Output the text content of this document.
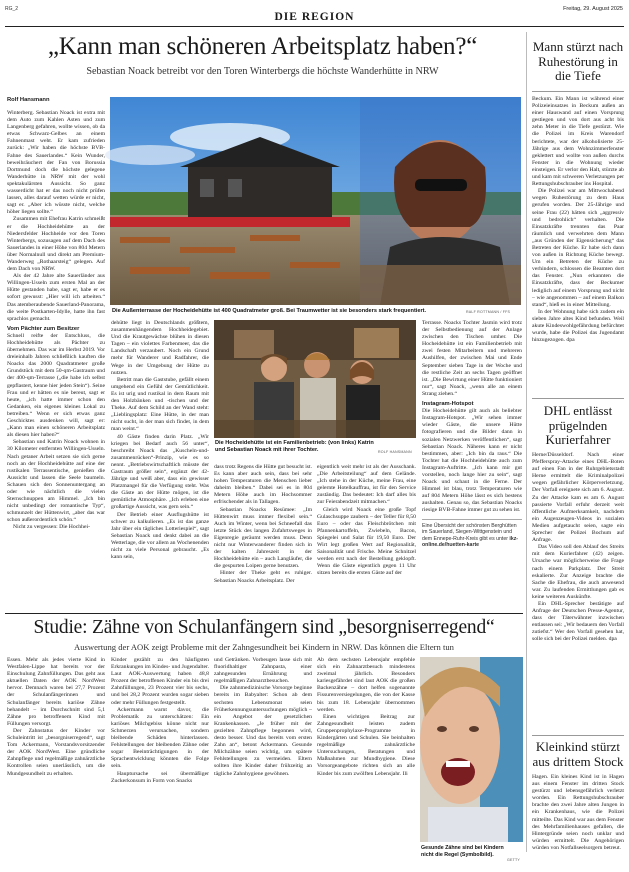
RG_2
DIE REGION
Freitag, 29. August 2025
„Kann man schöneren Arbeitsplatz haben?“
Sebastian Noack betreibt vor den Toren Winterbergs die höchste Wanderhütte in NRW
Rolf Hansmann

Winterberg. Sebastian Noack ist extra mit dem Auto zum Kahlen Asten und zum Langenberg gefahren, wollte wissen, ob da etwas Schwarz-Gelbes an einem Fahnenmast weht. Er kam zufrieden zurück: „Wir haben die höchste BVB-Fahne des Sauerlandes.“ Kein Wunder, beweihräuchert der Fan von Borussia Dortmund doch die höchste gelegene Wanderhütte in NRW mit der wohl spektakulärsten Aussicht. So ganz wasserdicht hat er das noch nicht prüfen lassen, alles darauf wetten würde er nicht, sagt er. „Aber ich wüsste nicht, welche höher liegen sollte.“

Zusammen mit Ehefrau Katrin schmeißt er die Hochheidehütte an der Niedersfelder Hochheide vor den Toren Winterbergs, sozusagen auf dem Dach des Sauerlandes in einer Höhe von 804 Metern über Normalnull und direkt am Premium-Wanderweg „Rothaarsteig“ gelegen. Auf dem Dach von NRW.

Als der 42 Jahre alte Sauerländer aus Willingen-Usseln zum ersten Mal an der Hütte gestanden habe, sagt er, habe er es sofort gewusst: „Hier will ich arbeiten.“ Das atemberaubende Sauerland-Panorama, die weite Postkarten-Idylle, hatte ihn fast sprachlos gemacht.

Vom Pächter zum Besitzer

Schnell reifte der Entschluss, die Hochheidehütte als Pächter zu übernehmen. Das war im Herbst 2019. Vor dreieinhalb Jahren schließlich kauften die Noacks das 2000 Quadratmeter große Grundstück mit dem 50-qm-Gastraum und der 400-qm-Terrasse („die habe ich selbst gepflastert, kenne hier jeden Stein“). Seine Frau und er hätten es nie bereut, sagt er heute, „ich hatte immer schon den Gedanken, ein eigenes kleines Lokal zu betreiben.“ Wenn er sich etwas ganz Geschicktes ausdenken will, sagt er: „Kann man einen schöneren Arbeitsplatz als diesen hier haben?“

Sebastian und Katrin Noack wohnen in 30 Kilometer entfernten Willingen-Usseln. Nach getaner Arbeit setzen sie sich gerne noch an der Hochheidehütte auf eine der rustikalen Terrassentische, genießen die Aussicht und lassen die Seele baumeln. Schauen sich den Sonnenuntergang an oder wie nächtlich die vielen Sternschnuppen am Himmel. „Ich bin nicht unbedingt der romantische Typ“, schmunzelt der Hüttenwirt, „aber das war schon außerordentlich schön.“

Nicht zu vergessen: Die Hochhei-

Die Außenterrasse der Hocheidehütte ist 400 Quadratmeter groß. Bei Traumwetter ist sie besonders stark frequentiert.	RALF ROTTMANN / FFS

dehütte liegt in Deutschlands größtem, zusammenhängendem Hochheidegebiet. Und die Krautgewächse blühen in diesen Tagen – ein violettes Farbenmeer, das die Landschaft verzaubert. Noch ein Grund mehr für Wanderer und Radfahrer, die Wege in der Umgebung der Hütte zu nutzen.

Betritt man die Gaststube, gefällt einem umgehend ein Gefühl der Gemütlichkeit. Es ist urig und rustikal in dem Raum mit den Holzbänken und -tischen und der Theke. Auf dem Schild an der Wand steht: „Lieblingsplatz: Eine Hütte, in der man nicht sucht, in der man sich findet, in dem man weint.“

40 Gäste finden darin Platz. „Wir kriegen bei Bedarf auch 56 unter“, beschreibt Noack das „Kuscheln-und-zusammenrücken“-Prinzip, wie es so nennt. „Betriebswirtschaftlich müsste der Gastraum größer sein“, ergänzt der 42-Jährige und weiß aber, dass ein gewisser Platzmangel für die Verfügung steht. Was die Gäste an der Hütte mögen, ist die gemütliche Atmosphäre. „Ich erleben eine großartige Aussicht, was gern sein.“

Der Betrieb einer Ausflugshütte ist schwer zu kalkulieren. „Es ist das ganze Jahr über ein tägliches Lotteriespiel“, sagt Sebastian Noack und denkt dabei an die Wetterlage, die vor allem an Wochenenden nicht zu viele Personal gebraucht. „Es kann sein,

Die Hocheidehütte ist ein Familienbetrieb: (von links) Katrin und Sebastian Noack mit ihrer Tochter.	ROLF HANSMANN

dass trotz Regens die Hütte gut besucht ist. Es kann aber auch sein, dass bei sehr hohen Temperaturen die Menschen lieber daheim bleiben.“ Dabei sei es in 804 Metern Höhe auch im Hochsommer erfrischender als in Tallagen.

Sebastian Noacks Resümee: „Im Hüttenwirt muss immer flexibel sein.“ Auch im Winter, wenn bei Schneefall das letzte Stück des langen Zufahrtsweges in Eigenregie geräumt werden muss. Denn nicht nur Winterwanderer finden sich in der kalten Jahreszeit in der Hochheidehütte ein – auch Langläufer, die die gespurten Loipen gerne benutzen.

Hinter der Theke geht es ruhiger. Sebastian Noacks Arbeitsplatz. Der

eigentlich weit mehr ist als der Ausschank. „Die Arbeitsteilung“ auf dem Gelände. „Ich stehe in der Küche, meine Frau, eine gelernte Hotelkauffrau, ist für den Service zuständig. Das bedeutet: Ich darf alles bis zur Feierabendzeit mitmachen.“

Gleich wird Noack eine große Topf Gulaschsuppe zaubern – der Teller für 8,50 Euro – oder das Fleischbrötchen mit Pfannenkartoffeln, Zwiebeln, Bacon, Spiegelei und Salat für 19,50 Euro. Der Wirt legt großen Wert auf Regionalität, Saisonalität und Frische. Meine Schnitzel werden erst nach der Bestellung geklopft. Wenn die Gäste eigentlich gegen 11 Uhr sitzen bereits die ersten Gäste auf der

Terrasse. Noacks Tochter Jasmin wird trotz der Selbstbedienung auf der Anlage zwischen den Tischen umher. Die Hocheidehütte ist ein Familienbetrieb mit zwei festen Mitarbeitern und mehreren Aushilfen, der zwischen Mai und Ende September sieben Tage in der Woche und die restliche Zeit an sechs Tagen geöffnet ist. „Die Bewirtung einer Hütte funktioniert nur“, sagt Noack, „wenn alle an einem Strang ziehen.“

Instagram-Hotspot

Die Hocheidehütte gilt auch als beliebter Instagram-Hotspot. „Wir sehen immer wieder Gäste, die unsere Hütte fotografieren und die Bilder dann in sozialen Netzwerken veröffentlichen“, sagt Sebastian Noack. Näheres kann er nicht bestimmen, aber: „Ich bin da raus.“ Die Tochter hat die Hochheidehütte auch zum Instagram-Auftritte. „Ich kann mir gut vorstellen, noch lange hier zu sein“, sagt Noack und schaut in die Ferne. Der Himmel ist blau, trotz Temperaturen wie auf 804 Metern Höhe lässt es sich bestens aushalten. Genau so, das Sebastian Noacks riesige BVB-Fahne immer gut zu sehen ist.

Eine Übersicht der schönsten Berghütten im Sauerland, Siegen-Wittgenstein und dem Ennepe-Ruhr-Kreis gibt es unter ikz-online.de/huetten-karte
Mann stürzt nach Ruhestörung in die Tiefe

Beckum. Ein Mann ist während einer Polizeieinsatzes in Beckum außen an einer Hauswand auf einen Vorsprung gestiegen und von dort aus acht bis zehn Meter in die Tiefe gestürzt. Wie die Polizei im Kreis Warendorf berichtete, war der alkoholisierte 25-Jährige aus dem Wohnzimmerfenster geklettert und wollte von außen durchs Fenster in die Wohnung wieder einsteigen. Er verlor den Halt, stürzte ab und kam mit schweren Verletzungen per Rettungshubschrauber ins Hospital.

Die Polizei war am Mittwochabend wegen Ruhestörung zu dem Haus gerufen worden. Der 25-Jährige und seine Frau (22) hätten sich „aggressiv und bedrohlich“ verhalten. Die Einsatzkräfte trennten das Paar räumlich und verwehrten dem Mann „aus Gründen der Eigensicherung“ das Betreten der Küche. Er habe sich dann von außen in Richtung Küche bewegt. Um ein Betreten der Küche zu verhindern, schlossen die Beamten dort das Fenster. „Nun erkannten die Einsatzkräfte, dass der Beckumer lediglich auf einem Vorsprung und nicht – wie angenommen – auf einem Balkon stand“, hieß es in einer Mitteilung.

In der Wohnung habe sich zudem ein sieben Jahre altes Kind befunden. Weil akute Kindeswohlgefährdung befürchtet wurde, habe die Polizei das Jugendamt hinzugezogen. dpa

DHL entlässt prügelnden Kurierfahrer

Herne/Düsseldorf. Nach einer Pfefferspray-Attacke eines DHL-Boten auf einen Fan in der Ruhrgebietsstadt Herne ermittelt die Kriminalpolizei wegen gefährlicher Körperverletzung. Der Vorfall ereignete sich am 6. August. Zu der Attacke kam es am 6. August passierte Vorfall erfuhr derzeit weit öffentliche Aufmerksamkeit, nachdem ein Augenzeugen-Videos in sozialen Medien aufgetaucht seien, sagte ein Sprecher der Polizei Bochum auf Anfrage.

Das Video soll den Ablauf des Streits mit dem Kurierfahrer (42) zeigen. Ursache war möglicherweise die Frage nach einem Parkplatz. Der Streit eskalierte. Zur Anzeige brachte die Sache die Ehefrau, die auch anwesend war. Zu laufenden Ermittlungen gab es keine weiteren Auskünfte.

Ein DHL-Sprecher bestätigte auf Anfrage der Deutschen Presse-Agentur, dass der Täterwähnter inzwischen entlassen sei: „Wir bedauern den Vorfall zutiefst.“ Wer den Vorfall gesehen hat, solle sich bei der Polizei melden. dpa

Studie: Zähne von Schulanfängern sind „besorgniserregend“
Auswertung der AOK zeigt Probleme mit der Zahngesundheit bei Kindern in NRW. Das können die Eltern tun

Essen. Mehr als jedes vierte Kind in Westfalen-Lippe hat bereits vor der Einschulung Zahnfüllungen. Das geht aus aktuellen Daten der AOK NordWest hervor. Demnach waren bei 27,7 Prozent der Schulanfängerinnen und Schulanfänger bereits kariöse Zähne behandelt – im Durchschnitt sind 5,1 Zähne pro betroffenem Kind mit Füllungen versorgt.

Der Zahnstatus der Kinder vor Schuleintritt ist „besorgniserregend“, sagt Tom Ackermann, Vorstandsvorsitzender der AOK NordWest. Eine gründliche Zahnpflege und regelmäßige zahnärztliche Kontrollen seien unerlässlich, um die Mundgesundheit zu erhalten.

Kinder gezählt zu den häufigsten Erkrankungen im Kindes- und Jugendalter. Laut AOK-Auswertung haben 48,8 Prozent der betroffenen Kinder ein bis drei Zahnfüllungen, 23 Prozent vier bis sechs, und bei 28,2 Prozent wurden sogar sieben oder mehr Füllungen festgestellt.

Ackermann warnt davor, die Problematik zu unterschätzen: Ein kariöses Milchgebiss könne nicht nur Schmerzen verursachen, sondern bleibende Schäden hinterlassen. Fehlstellungen der bleibenden Zähne oder sogar Beeinträchtigungen in der Sprachentwicklung könnten die Folge sein.

Hauptursache sei übermäßiger Zuckerkonsum in Form von Snacks

und Getränken. Vorbeugen lasse sich mit fluoridhaltiger Zahnpasta, einer zahngesunden Ernährung und regelmäßigen Zahnarztbesuchen.

Die zahnmedizinische Vorsorge beginne bereits im Babyalter: Schon ab dem sechsten Lebensmonat seien Früherkennungsuntersuchungen möglich – ein Angebot der gesetzlichen Krankenkassen. „Je früher mit der gezielten Zahnpflege begonnen wird, desto besser. Und das bereits vom ersten Zahn an“, betont Ackermann. Gesunde Milchzähne seien wichtig, um spätere Fehlstellungen zu vermeiden. Eltern sollten ihre Kinder daher frühzeitig an tägliche Zahnhygiene gewöhnen.

Ab dem sechsten Lebensjahr empfehle sich ein Zahnarztbesuch mindestens zweimal jährlich. Besonders kariesgefährdet sind laut AOK die großen Backenzähne – dort helfen sogenannte Fissurenversiegelungen, die von der Kasse bis zum 18. Lebensjahr übernommen werden.

Einen wichtigen Beitrag zur Zahngesundheit leisten zudem Gruppenprophylaxe-Programme in Kindergärten und Schulen. Sie beinhalten regelmäßige zahnärztliche Untersuchungen, Beratungen und Maßnahmen zur Mundhygiene. Diese Vorsorgeangebote richten sich an alle Kinder bis zum zwölften Lebensjahr. Ili

Gesunde Zähne sind bei Kindern nicht die Regel (Symbolbild).
GETTY
Kleinkind stürzt aus drittem Stock

Hagen. Ein kleines Kind ist in Hagen aus einem Fenster im dritten Stock gestürzt und lebensgefährlich verletzt worden. Ein Rettungshubschrauber brachte den zwei Jahre alten Jungen in ein Krankenhaus, wie die Polizei mitteilte. Das Kind war aus dem Fenster des Mehrfamilienhauses gefallen, die Hintergründe seien noch unklar und würden ermittelt. Die Angehörigen würden von Notfallseelsorgern betreut.
